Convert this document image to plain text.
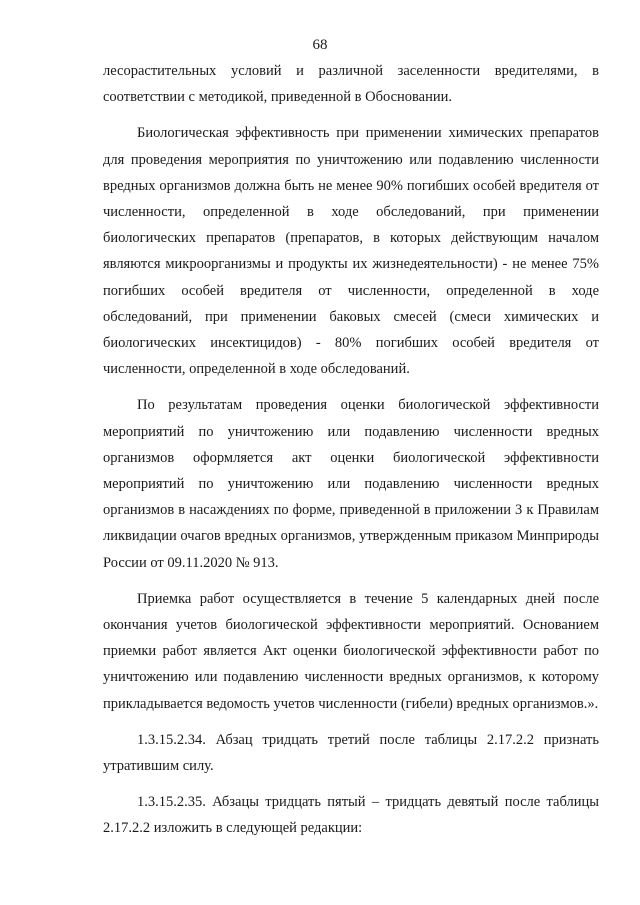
68

лесорастительных условий и различной заселенности вредителями, в соответствии с методикой, приведенной в Обосновании.

Биологическая эффективность при применении химических препаратов для проведения мероприятия по уничтожению или подавлению численности вредных организмов должна быть не менее 90% погибших особей вредителя от численности, определенной в ходе обследований, при применении биологических препаратов (препаратов, в которых действующим началом являются микроорганизмы и продукты их жизнедеятельности) - не менее 75% погибших особей вредителя от численности, определенной в ходе обследований, при применении баковых смесей (смеси химических и биологических инсектицидов) - 80% погибших особей вредителя от численности, определенной в ходе обследований.

По результатам проведения оценки биологической эффективности мероприятий по уничтожению или подавлению численности вредных организмов оформляется акт оценки биологической эффективности мероприятий по уничтожению или подавлению численности вредных организмов в насаждениях по форме, приведенной в приложении 3 к Правилам ликвидации очагов вредных организмов, утвержденным приказом Минприроды России от 09.11.2020 № 913.

Приемка работ осуществляется в течение 5 календарных дней после окончания учетов биологической эффективности мероприятий. Основанием приемки работ является Акт оценки биологической эффективности работ по уничтожению или подавлению численности вредных организмов, к которому прикладывается ведомость учетов численности (гибели) вредных организмов.».

1.3.15.2.34. Абзац тридцать третий после таблицы 2.17.2.2 признать утратившим силу.

1.3.15.2.35. Абзацы тридцать пятый – тридцать девятый после таблицы 2.17.2.2 изложить в следующей редакции:
